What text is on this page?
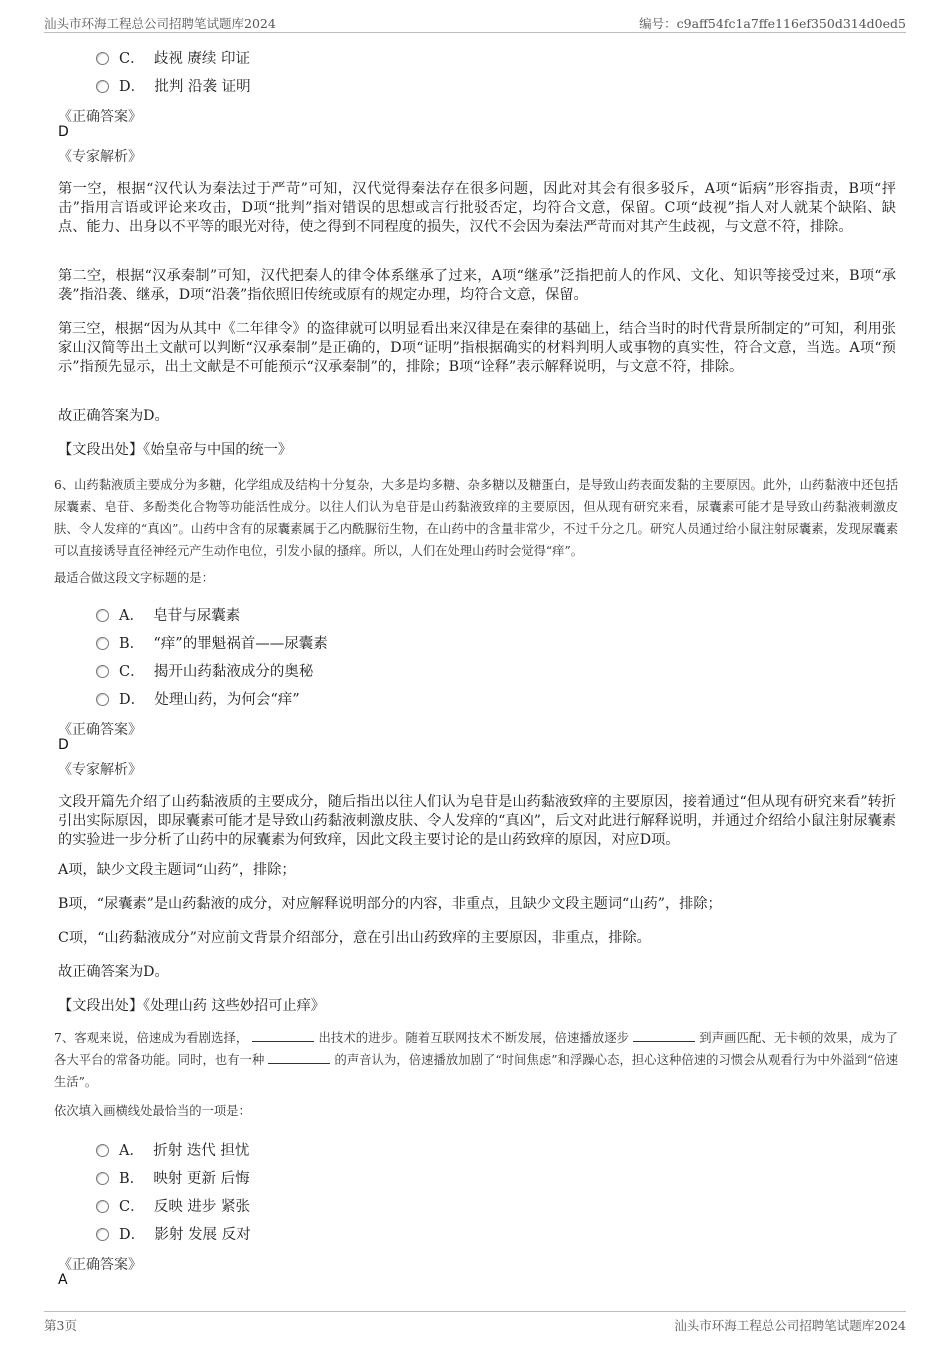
汕头市环海工程总公司招聘笔试题库2024	编号：c9aff54fc1a7ffe116ef350d314d0ed5
C． 歧视 赓续 印证
D． 批判 沿袭 证明
《正确答案》
D
《专家解析》
第一空，根据“汉代认为秦法过于严苛”可知，汉代觉得秦法存在很多问题，因此对其会有很多驳斥，A项“诟病”形容指责，B项“抨击”指用言语或评论来攻击，D项“批判”指对错误的思想或言行批驳否定，均符合文意，保留。C项“歧视”指人对人就某个缺陷、缺点、能力、出身以不平等的眼光对待，使之得到不同程度的损失，汉代不会因为秦法严苛而对其产生歧视，与文意不符，排除。
第二空，根据“汉承秦制”可知，汉代把秦人的律令体系继承了过来，A项“继承”泛指把前人的作风、文化、知识等接受过来，B项“承袭”指沿袭、继承，D项“沿袭”指依照旧传统或原有的规定办理，均符合文意，保留。
第三空，根据“因为从其中《二年律令》的盗律就可以明显看出来汉律是在秦律的基础上，结合当时的时代背景所制定的”可知，利用张家山汉简等出土文献可以判断“汉承秦制”是正确的，D项“证明”指根据确实的材料判明人或事物的真实性，符合文意，当选。A项“预示”指预先显示，出土文献是不可能预示“汉承秦制”的，排除；B项“诠释”表示解释说明，与文意不符，排除。
故正确答案为D。
【文段出处】《始皇帝与中国的统一》
6、山药黏液质主要成分为多糖，化学组成及结构十分复杂，大多是均多糖、杂多糖以及糖蛋白，是导致山药表面发黏的主要原因。此外，山药黏液中还包括尿囊素、皂苷、多酚类化合物等功能活性成分。以往人们认为皂苷是山药黏液致痒的主要原因，但从现有研究来看，尿囊素可能才是导致山药黏液刺激皮肤、令人发痒的“真凶”。山药中含有的尿囊素属于乙内酰脲衍生物，在山药中的含量非常少，不过千分之几。研究人员通过给小鼠注射尿囊素，发现尿囊素可以直接诱导直径神经元产生动作电位，引发小鼠的搔痒。所以，人们在处理山药时会觉得“痒”。
最适合做这段文字标题的是：
A． 皂苷与尿囊素
B． “痒”的罪魁祸首——尿囊素
C． 揭开山药黏液成分的奥秘
D． 处理山药，为何会“痒”
《正确答案》
D
《专家解析》
文段开篇先介绍了山药黏液质的主要成分，随后指出以往人们认为皂苷是山药黏液致痒的主要原因，接着通过“但从现有研究来看”转折引出实际原因，即尿囊素可能才是导致山药黏液刺激皮肤、令人发痒的“真凶”，后文对此进行解释说明，并通过介绍给小鼠注射尿囊素的实验进一步分析了山药中的尿囊素为何致痒，因此文段主要讨论的是山药致痒的原因，对应D项。
A项，缺少文段主题词“山药”，排除；
B项，“尿囊素”是山药黏液的成分，对应解释说明部分的内容，非重点，且缺少文段主题词“山药”，排除；
C项，“山药黏液成分”对应前文背景介绍部分，意在引出山药致痒的主要原因，非重点，排除。
故正确答案为D。
【文段出处】《处理山药 这些妙招可止痒》
7、客观来说，倍速成为看剧选择，	出技术的进步。随着互联网技术不断发展，倍速播放逐步	到声画匹配、无卡顿的效果，成为了各大平台的常备功能。同时，也有一种	的声音认为，倍速播放加剧了“时间焦虑”和浮躁心态，担心这种倍速的习惯会从观看行为中外溢到“倍速生活”。
依次填入画横线处最恰当的一项是：
A． 折射 迭代 担忧
B． 映射 更新 后悔
C． 反映 进步 紧张
D． 影射 发展 反对
《正确答案》
A
第3页	汕头市环海工程总公司招聘笔试题库2024
